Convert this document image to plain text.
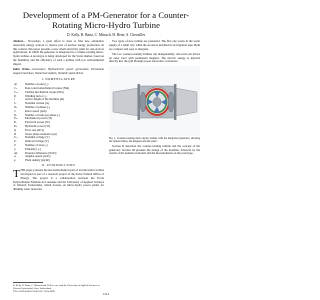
Development of a PM-Generator for a Counter-Rotating Micro-Hydro Turbine
D. Kelly, R. Barta, C. Mitsuch, H. Beier, S. Chevailler
Abstract— Nowadays, a great effort is done to find new alternative renewable energy sources to replace part of nuclear energy production. In this context, this paper presents a new small electricity plant for run-of-river applications, in which the generator is integrated in a counter-rotating micro-hydro turbine. A prototype is being developed for the Swiss market, based on the flexibility and the efficiency of such a turbine with low environmental impact.
Index Terms—Generators, Hydroelectric power generation, Permanent magnet machines, Numerical models, Variable speed drives.
I. NOMENCLATURE
2p	Number of poles (-)
Cₛ	Rotor electromechanical torque (Nm)
Cₘ	Turbine mechanical torque (Nm)
D	Winding factor (-)
l	Active length of the machine (m)
Iₙ	Nominal current (A)
Nₛ	Number of phases (-)
n	Rotor speed (rpm)
Nₑ	Number of turns per phase (-)
Pₘ	Mechanical power (W)
Pₑ	Electrical power (W)
Pₕ	Hydraulic power (W)
Q	Flow rate (m³/s)
R	Stator phase resistance (Ω)
Uₙ	Nominal voltage (V)
Uᵢ	Induced voltage (V)
Z	Number of slots (-)
η	Efficiency (-)
Δp	Pressure difference (N/m²)
ω	Angular speed (rad/s)
ρ	Fluid density (kg/m³)
II. INTRODUCTION
THIS paper presents the electromechanical part of an innovative turbine developed as part of a research project of the Swiss Federal Office of Energy. The project is a collaboration between the Ecole Polytechnique Fédérale de Lausanne and the University of Applied Sciences of Western Switzerland, which focuses on micro-hydro power plants for drinking water networks.

Two types of new turbine are presented. The first one works in the water supply of a small city, while the second is installed in an irrigation pipe. Both are compact and easy to integrate.

The two counter-rotating turbines run independently, and each one drives an outer rotor with permanent magnets. The electric energy is injected directly into the grid through power electronics converters.

Fig. 1. Counter-rotating micro-hydro turbine with the integrated generator, showing the runner blades, the magnets and the stator.

Section II describes the counter-rotating turbine and the concept of the generator. Section III presents the design of the machine, followed by the results of the numerical models and the measurements on the prototype.

D. Kelly, R. Barta, C. Mitsuch and H. Beier are with the University of Applied Sciences of Western Switzerland, Sion, Switzerland.
978-1-4799-4389-0/14/$31.00 ©2014 IEEE
1214
